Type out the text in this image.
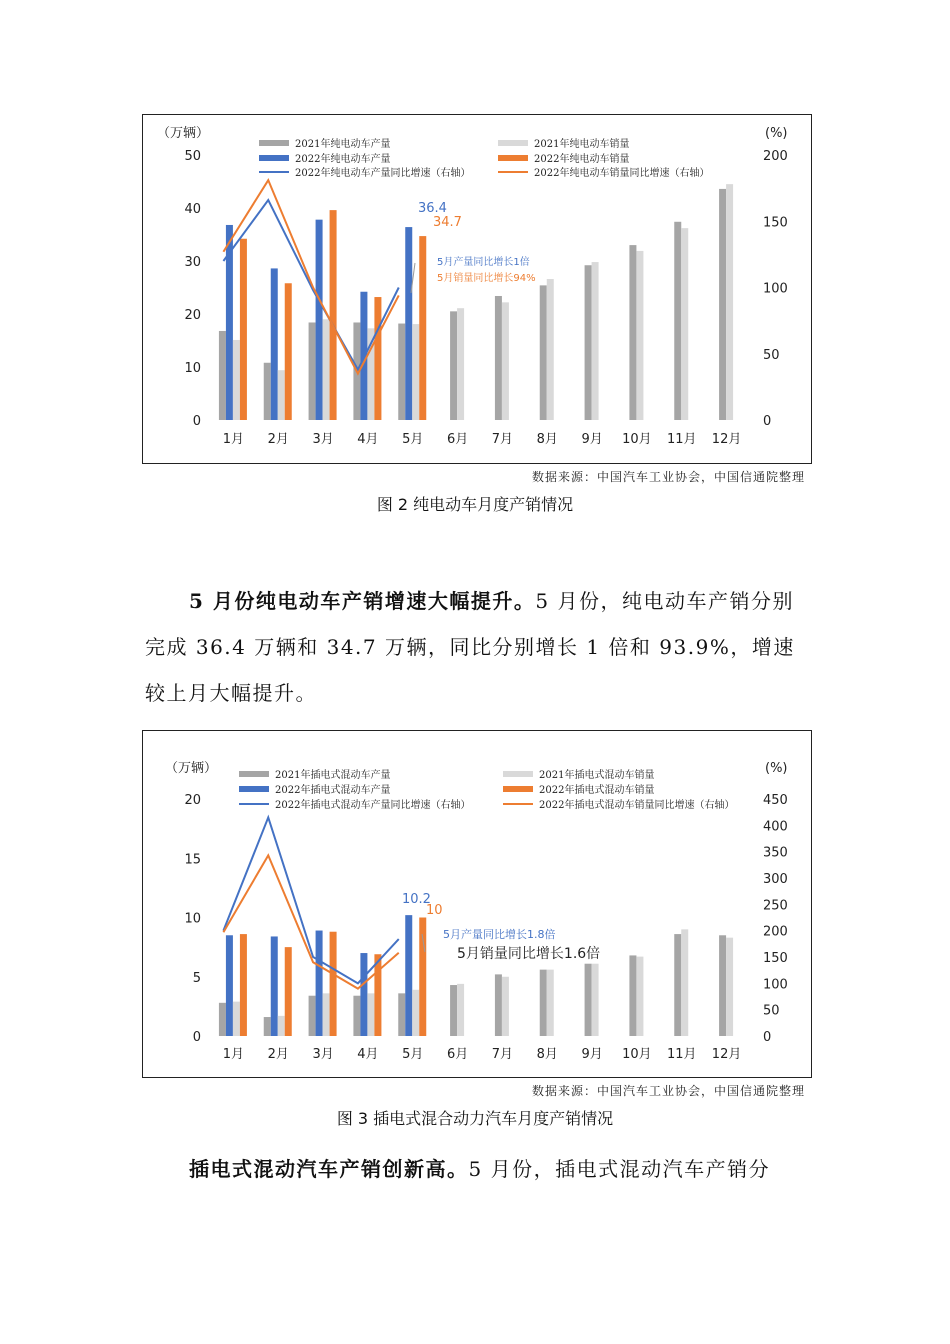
（万辆）	(%)
0
10
20
30
40
50
0
50
100
150
200
1月 2月 3月 4月 5月 6月 7月 8月 9月 10月 11月 12月
36.4
34.7
5月产量同比增长1倍
5月销量同比增长94%
2021年纯电动车产量	2021年纯电动车销量
2022年纯电动车产量	2022年纯电动车销量
2022年纯电动车产量同比增速（右轴）	2022年纯电动车销量同比增速（右轴）
数据来源：中国汽车工业协会，中国信通院整理
图 2 纯电动车月度产销情况

5 月份纯电动车产销增速大幅提升。5 月份，纯电动车产销分别完成 36.4 万辆和 34.7 万辆，同比分别增长 1 倍和 93.9%，增速较上月大幅提升。

（万辆）	(%)
0
5
10
15
20
0
50
100
150
200
250
300
350
400
450
1月 2月 3月 4月 5月 6月 7月 8月 9月 10月 11月 12月
10.2
10
5月产量同比增长1.8倍
5月销量同比增长1.6倍
2021年插电式混动车产量	2021年插电式混动车销量
2022年插电式混动车产量	2022年插电式混动车销量
2022年插电式混动车产量同比增速（右轴）	2022年插电式混动车销量同比增速（右轴）
数据来源：中国汽车工业协会，中国信通院整理
图 3 插电式混合动力汽车月度产销情况

插电式混动汽车产销创新高。5 月份，插电式混动汽车产销分
